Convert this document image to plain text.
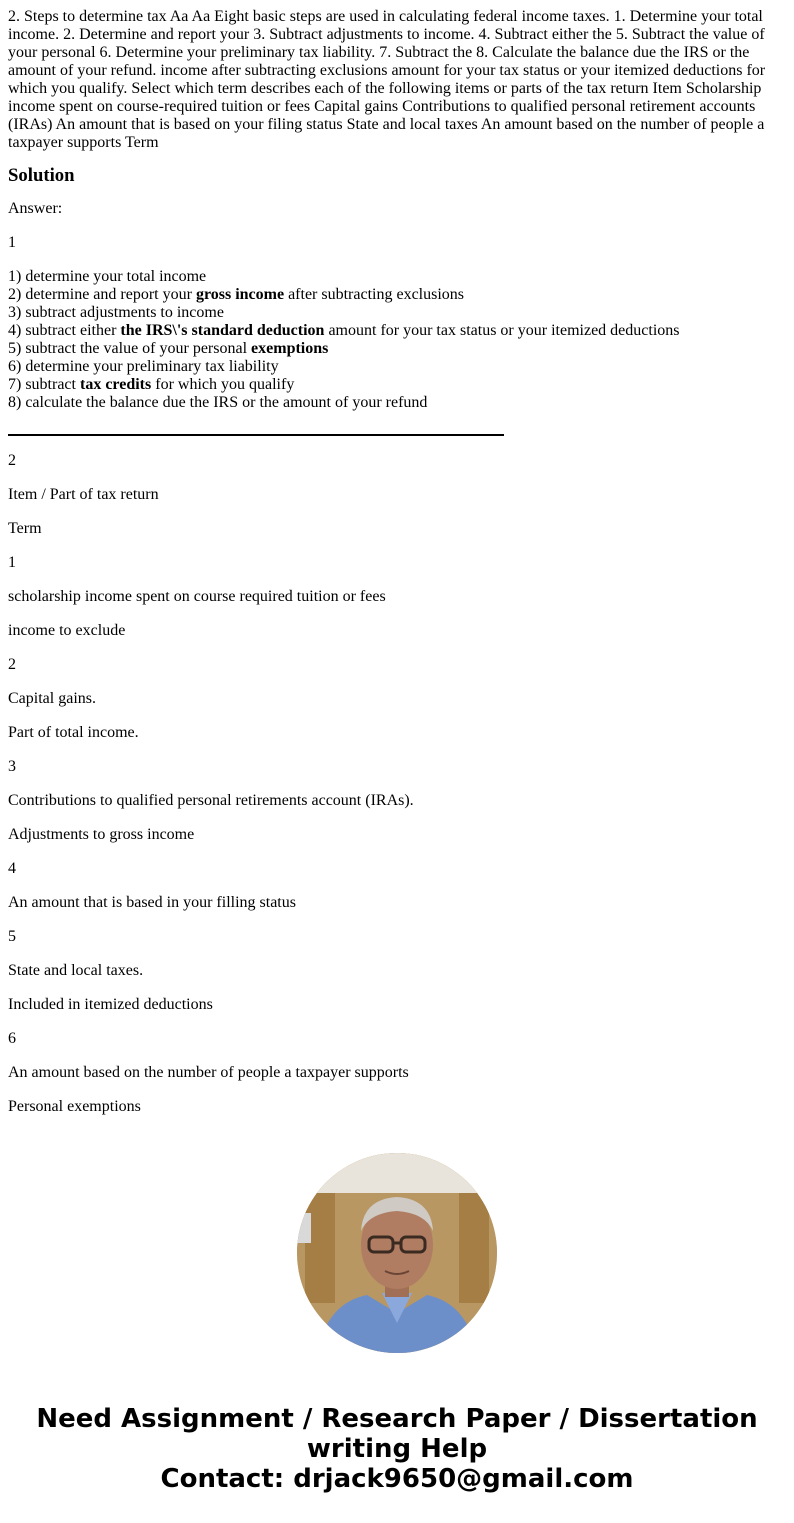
2. Steps to determine tax Aa Aa Eight basic steps are used in calculating federal income taxes. 1. Determine your total income. 2. Determine and report your 3. Subtract adjustments to income. 4. Subtract either the 5. Subtract the value of your personal 6. Determine your preliminary tax liability. 7. Subtract the 8. Calculate the balance due the IRS or the amount of your refund. income after subtracting exclusions amount for your tax status or your itemized deductions for which you qualify. Select which term describes each of the following items or parts of the tax return Item Scholarship income spent on course-required tuition or fees Capital gains Contributions to qualified personal retirement accounts (IRAs) An amount that is based on your filing status State and local taxes An amount based on the number of people a taxpayer supports Term

Solution

Answer:

1

1) determine your total income
2) determine and report your gross income after subtracting exclusions
3) subtract adjustments to income
4) subtract either the IRS\'s standard deduction amount for your tax status or your itemized deductions
5) subtract the value of your personal exemptions
6) determine your preliminary tax liability
7) subtract tax credits for which you qualify
8) calculate the balance due the IRS or the amount of your refund

2

Item / Part of tax return

Term

1

scholarship income spent on course required tuition or fees

income to exclude

2

Capital gains.

Part of total income.

3

Contributions to qualified personal retirements account (IRAs).

Adjustments to gross income

4

An amount that is based in your filling status

5

State and local taxes.

Included in itemized deductions

6

An amount based on the number of people a taxpayer supports

Personal exemptions

Need Assignment / Research Paper / Dissertation
writing Help
Contact: drjack9650@gmail.com
